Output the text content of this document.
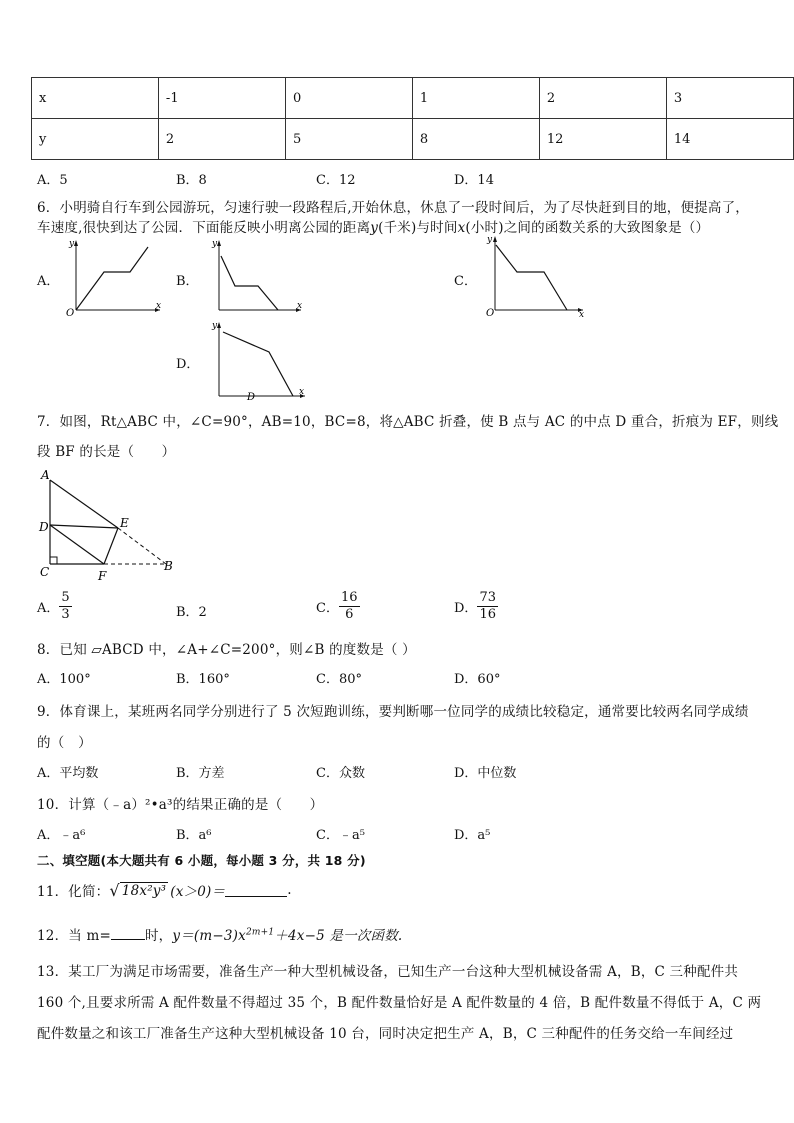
x	-1	0	1	2	3
y	2	5	8	12	14
A．5	B．8	C．12	D．14
6．小明骑自行车到公园游玩，匀速行驶一段路程后,开始休息，休息了一段时间后，为了尽快赶到目的地，便提高了，
车速度,很快到达了公园．下面能反映小明离公园的距离y(千米)与时间x(小时)之间的函数关系的大致图象是（）
A．	B．	C．
D．
y
x
O
y
x
y
x
O
y
x
D
7．如图，Rt△ABC 中，∠C=90°，AB=10，BC=8，将△ABC 折叠，使 B 点与 AC 的中点 D 重合，折痕为 EF，则线
段 BF 的长是（　　）
A
D	E
C	F
B
A． $\frac{5}{3}$	B．2	C． $\frac{16}{6}$	D． $\frac{73}{16}$
8．已知 ▱ABCD 中，∠A+∠C=200°，则∠B 的度数是（ ）
A．100°	B．160°	C．80°	D．60°
9．体育课上，某班两名同学分别进行了 5 次短跑训练，要判断哪一位同学的成绩比较稳定，通常要比较两名同学成绩
的（　）
A．平均数	B．方差	C．众数	D．中位数
10．计算（﹣a）²•a³的结果正确的是（　　）
A．﹣a⁶	B．a⁶	C．﹣a⁵	D．a⁵
二、填空题(本大题共有 6 小题，每小题 3 分，共 18 分)
11．化简： √ 18x²y³ (x＞0)＝	.
12．当 m=	时，$y=(m-3)x^{2m+1}+4x-5$ 是一次函数.
13．某工厂为满足市场需要，准备生产一种大型机械设备，已知生产一台这种大型机械设备需 A，B，C 三种配件共
160 个,且要求所需 A 配件数量不得超过 35 个，B 配件数量恰好是 A 配件数量的 4 倍，B 配件数量不得低于 A，C 两
配件数量之和该工厂准备生产这种大型机械设备 10 台，同时决定把生产 A，B，C 三种配件的任务交给一车间经过
